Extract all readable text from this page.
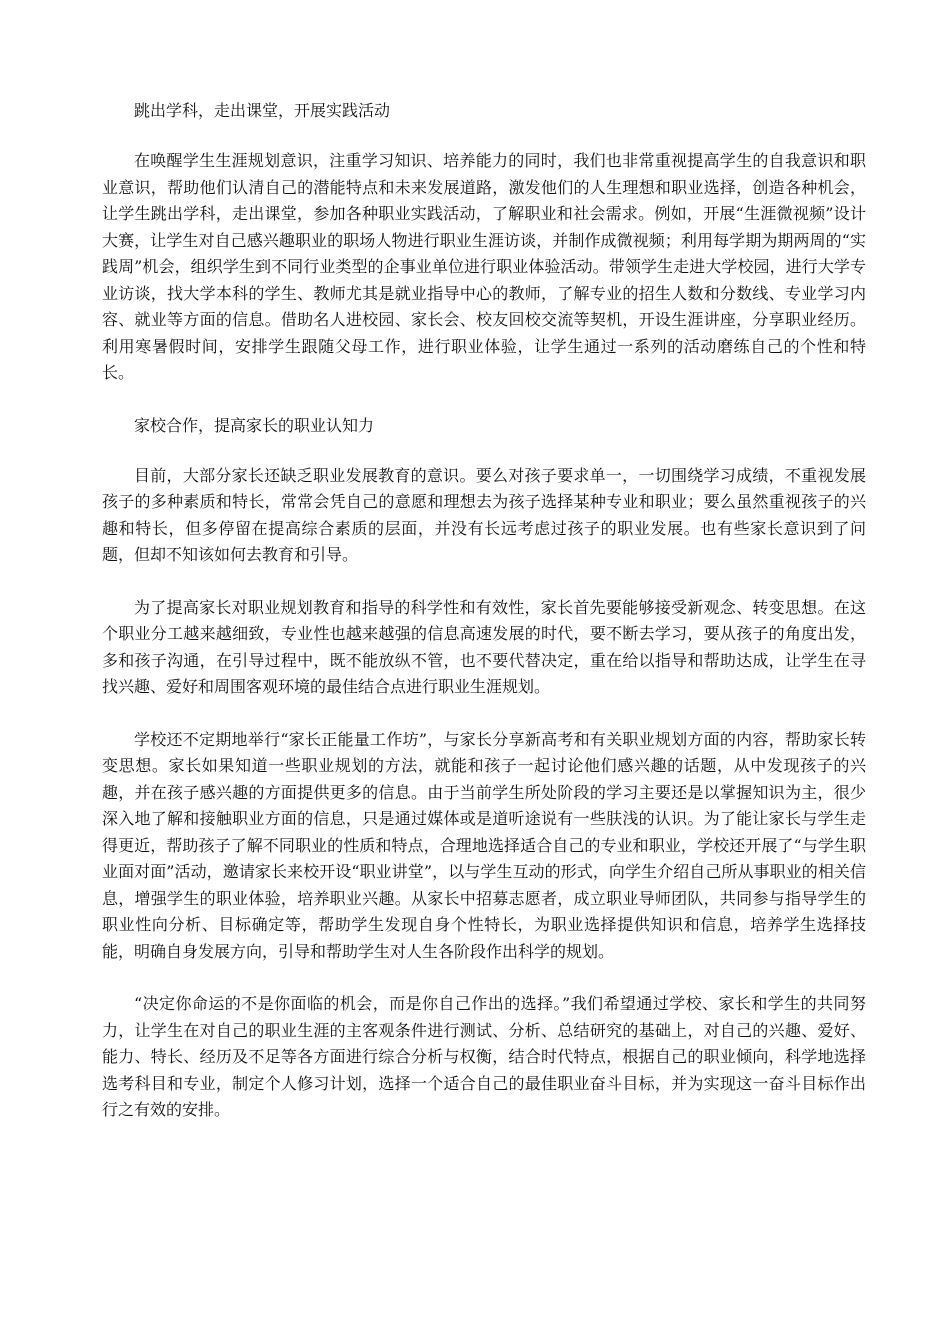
跳出学科，走出课堂，开展实践活动

在唤醒学生生涯规划意识，注重学习知识、培养能力的同时，我们也非常重视提高学生的自我意识和职业意识，帮助他们认清自己的潜能特点和未来发展道路，激发他们的人生理想和职业选择，创造各种机会，让学生跳出学科，走出课堂，参加各种职业实践活动，了解职业和社会需求。例如，开展“生涯微视频”设计大赛，让学生对自己感兴趣职业的职场人物进行职业生涯访谈，并制作成微视频；利用每学期为期两周的“实践周”机会，组织学生到不同行业类型的企事业单位进行职业体验活动。带领学生走进大学校园，进行大学专业访谈，找大学本科的学生、教师尤其是就业指导中心的教师，了解专业的招生人数和分数线、专业学习内容、就业等方面的信息。借助名人进校园、家长会、校友回校交流等契机，开设生涯讲座，分享职业经历。利用寒暑假时间，安排学生跟随父母工作，进行职业体验，让学生通过一系列的活动磨练自己的个性和特长。

家校合作，提高家长的职业认知力

目前，大部分家长还缺乏职业发展教育的意识。要么对孩子要求单一，一切围绕学习成绩，不重视发展孩子的多种素质和特长，常常会凭自己的意愿和理想去为孩子选择某种专业和职业；要么虽然重视孩子的兴趣和特长，但多停留在提高综合素质的层面，并没有长远考虑过孩子的职业发展。也有些家长意识到了问题，但却不知该如何去教育和引导。

为了提高家长对职业规划教育和指导的科学性和有效性，家长首先要能够接受新观念、转变思想。在这个职业分工越来越细致，专业性也越来越强的信息高速发展的时代，要不断去学习，要从孩子的角度出发，多和孩子沟通，在引导过程中，既不能放纵不管，也不要代替决定，重在给以指导和帮助达成，让学生在寻找兴趣、爱好和周围客观环境的最佳结合点进行职业生涯规划。

学校还不定期地举行“家长正能量工作坊”，与家长分享新高考和有关职业规划方面的内容，帮助家长转变思想。家长如果知道一些职业规划的方法，就能和孩子一起讨论他们感兴趣的话题，从中发现孩子的兴趣，并在孩子感兴趣的方面提供更多的信息。由于当前学生所处阶段的学习主要还是以掌握知识为主，很少深入地了解和接触职业方面的信息，只是通过媒体或是道听途说有一些肤浅的认识。为了能让家长与学生走得更近，帮助孩子了解不同职业的性质和特点，合理地选择适合自己的专业和职业，学校还开展了“与学生职业面对面”活动，邀请家长来校开设“职业讲堂”，以与学生互动的形式，向学生介绍自己所从事职业的相关信息，增强学生的职业体验，培养职业兴趣。从家长中招募志愿者，成立职业导师团队，共同参与指导学生的职业性向分析、目标确定等，帮助学生发现自身个性特长，为职业选择提供知识和信息，培养学生选择技能，明确自身发展方向，引导和帮助学生对人生各阶段作出科学的规划。

“决定你命运的不是你面临的机会，而是你自己作出的选择。”我们希望通过学校、家长和学生的共同努力，让学生在对自己的职业生涯的主客观条件进行测试、分析、总结研究的基础上，对自己的兴趣、爱好、能力、特长、经历及不足等各方面进行综合分析与权衡，结合时代特点，根据自己的职业倾向，科学地选择选考科目和专业，制定个人修习计划，选择一个适合自己的最佳职业奋斗目标，并为实现这一奋斗目标作出行之有效的安排。
